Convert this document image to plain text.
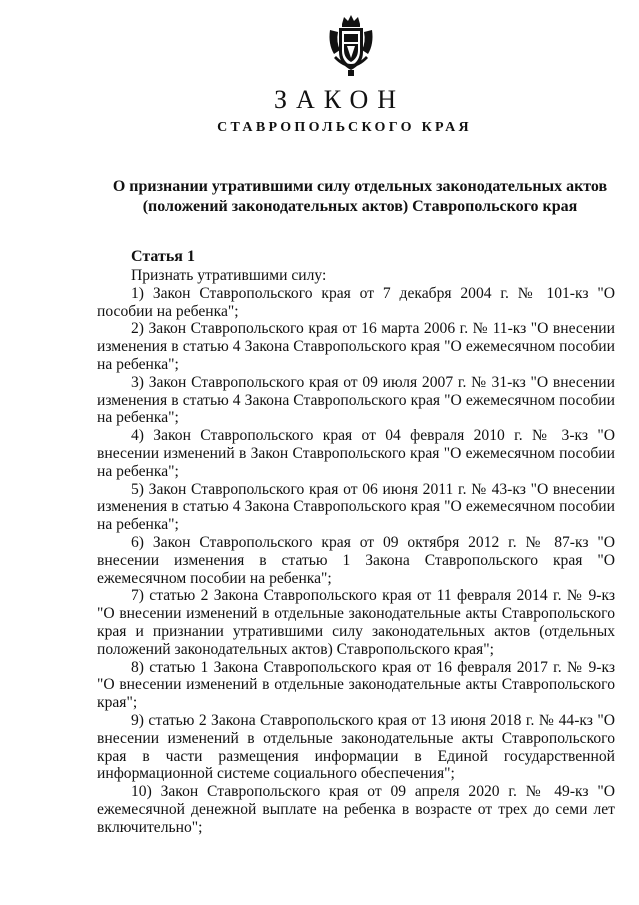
ЗАКОН
СТАВРОПОЛЬСКОГО КРАЯ
О признании утратившими силу отдельных законодательных актов
(положений законодательных актов) Ставропольского края
Статья 1

Признать утратившими силу:

1) Закон Ставропольского края от 7 декабря 2004 г. № 101-кз "О пособии на ребенка";

2) Закон Ставропольского края от 16 марта 2006 г. № 11-кз "О внесении изменения в статью 4 Закона Ставропольского края "О ежемесячном пособии на ребенка";

3) Закон Ставропольского края от 09 июля 2007 г. № 31-кз "О внесении изменения в статью 4 Закона Ставропольского края "О ежемесячном пособии на ребенка";

4) Закон Ставропольского края от 04 февраля 2010 г. № 3-кз "О внесении изменений в Закон Ставропольского края "О ежемесячном пособии на ребенка";

5) Закон Ставропольского края от 06 июня 2011 г. № 43-кз "О внесении изменения в статью 4 Закона Ставропольского края "О ежемесячном пособии на ребенка";

6) Закон Ставропольского края от 09 октября 2012 г. № 87-кз "О внесении изменения в статью 1 Закона Ставропольского края "О ежемесячном пособии на ребенка";

7) статью 2 Закона Ставропольского края от 11 февраля 2014 г. № 9-кз "О внесении изменений в отдельные законодательные акты Ставропольского края и признании утратившими силу законодательных актов (отдельных положений законодательных актов) Ставропольского края";

8) статью 1 Закона Ставропольского края от 16 февраля 2017 г. № 9-кз "О внесении изменений в отдельные законодательные акты Ставропольского края";

9) статью 2 Закона Ставропольского края от 13 июня 2018 г. № 44-кз "О внесении изменений в отдельные законодательные акты Ставропольского края в части размещения информации в Единой государственной информационной системе социального обеспечения";

10) Закон Ставропольского края от 09 апреля 2020 г. № 49-кз "О ежемесячной денежной выплате на ребенка в возрасте от трех до семи лет включительно";
